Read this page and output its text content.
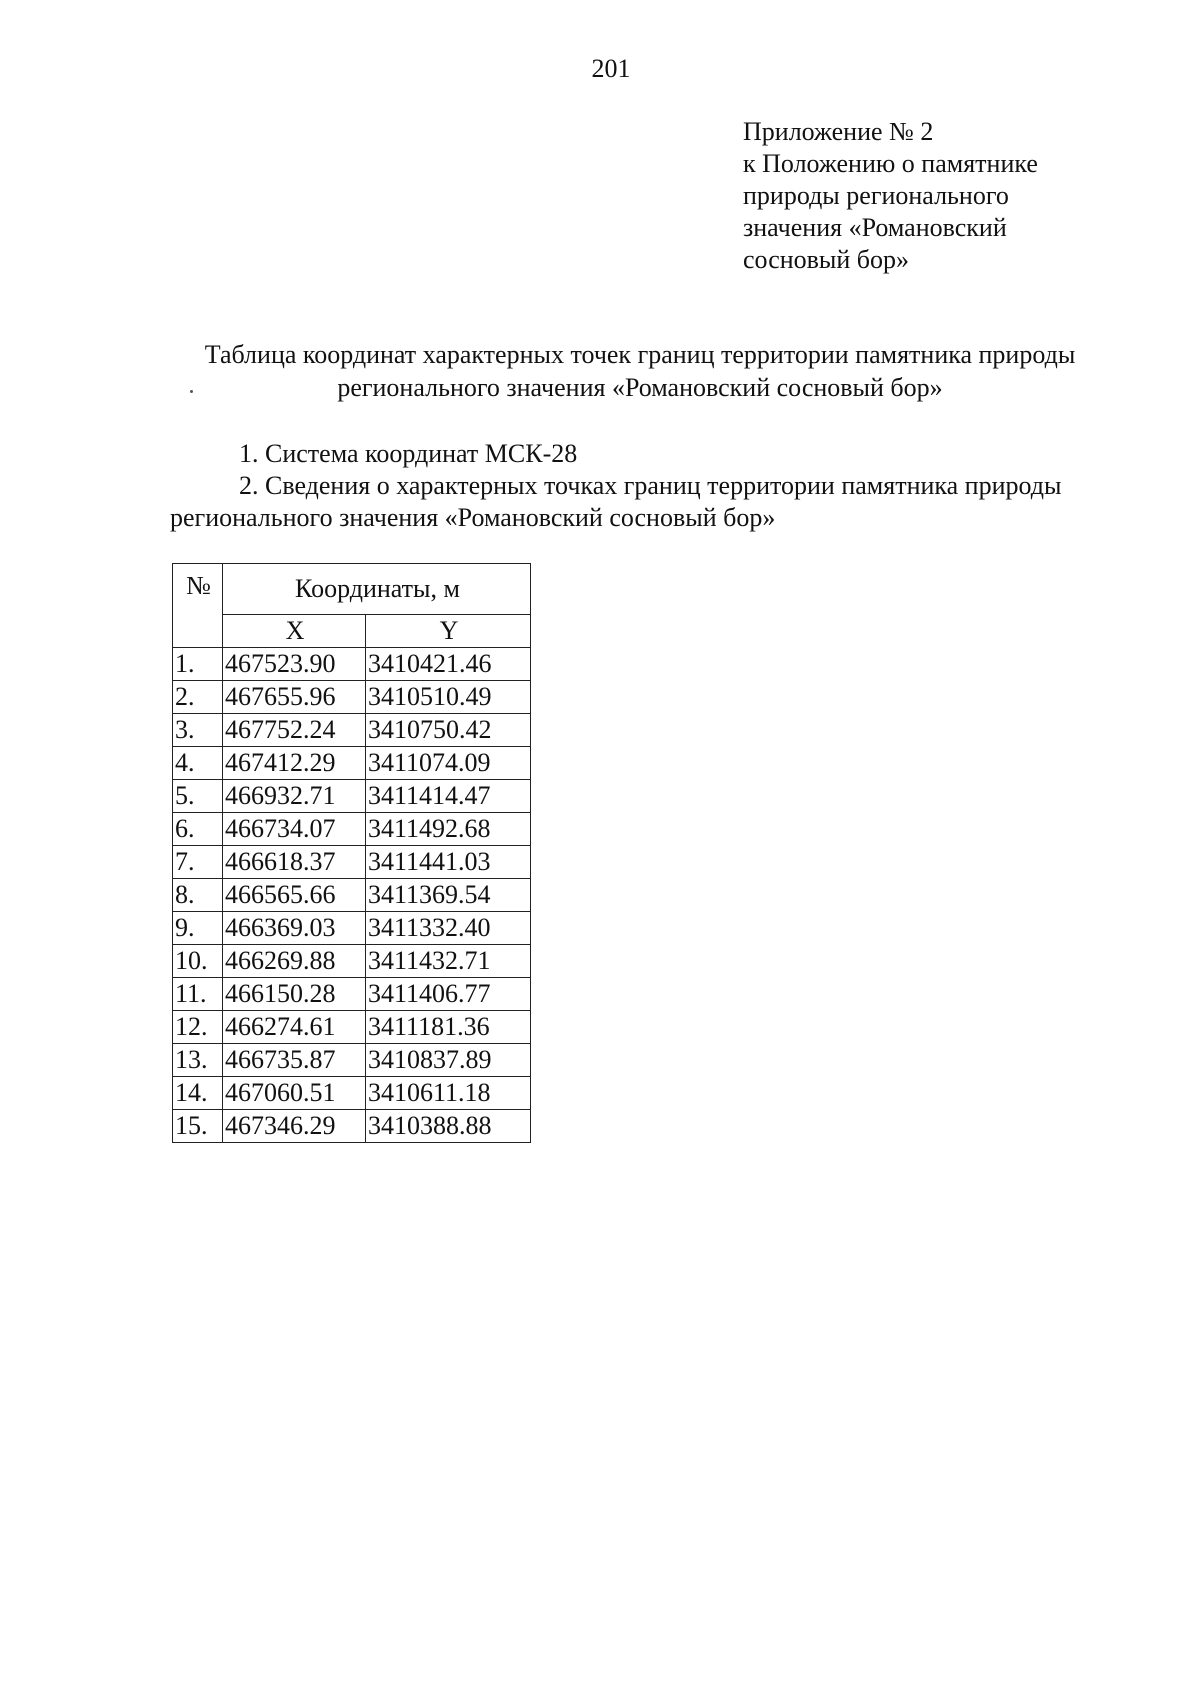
201
Приложение № 2
к Положению о памятнике
природы регионального
значения «Романовский
сосновый бор»
Таблица координат характерных точек границ территории памятника природы
регионального значения «Романовский сосновый бор»
1. Система координат МСК-28
2. Сведения о характерных точках границ территории памятника природы
регионального значения «Романовский сосновый бор»
№	Координаты, м	
	X	Y
1.	467523.90	3410421.46
2.	467655.96	3410510.49
3.	467752.24	3410750.42
4.	467412.29	3411074.09
5.	466932.71	3411414.47
6.	466734.07	3411492.68
7.	466618.37	3411441.03
8.	466565.66	3411369.54
9.	466369.03	3411332.40
10.	466269.88	3411432.71
11.	466150.28	3411406.77
12.	466274.61	3411181.36
13.	466735.87	3410837.89
14.	467060.51	3410611.18
15.	467346.29	3410388.88
